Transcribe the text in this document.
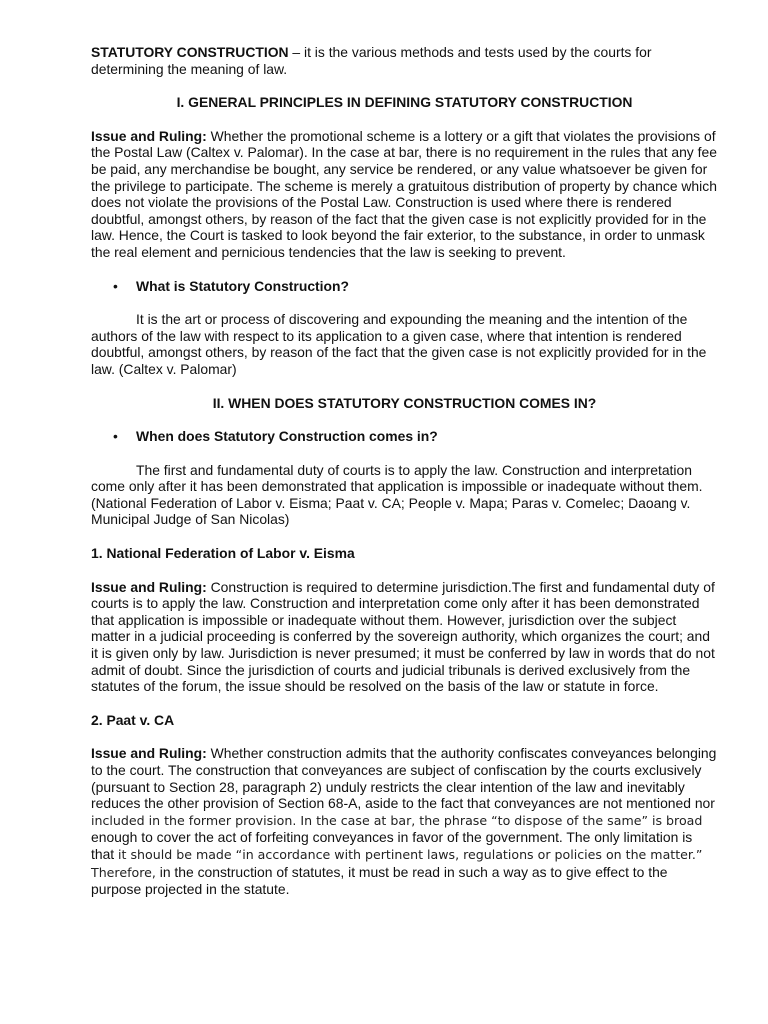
STATUTORY CONSTRUCTION – it is the various methods and tests used by the courts for determining the meaning of law.

I. GENERAL PRINCIPLES IN DEFINING STATUTORY CONSTRUCTION

Issue and Ruling: Whether the promotional scheme is a lottery or a gift that violates the provisions of the Postal Law (Caltex v. Palomar). In the case at bar, there is no requirement in the rules that any fee be paid, any merchandise be bought, any service be rendered, or any value whatsoever be given for the privilege to participate. The scheme is merely a gratuitous distribution of property by chance which does not violate the provisions of the Postal Law. Construction is used where there is rendered doubtful, amongst others, by reason of the fact that the given case is not explicitly provided for in the law. Hence, the Court is tasked to look beyond the fair exterior, to the substance, in order to unmask the real element and pernicious tendencies that the law is seeking to prevent.

• What is Statutory Construction?

It is the art or process of discovering and expounding the meaning and the intention of the authors of the law with respect to its application to a given case, where that intention is rendered doubtful, amongst others, by reason of the fact that the given case is not explicitly provided for in the law. (Caltex v. Palomar)

II. WHEN DOES STATUTORY CONSTRUCTION COMES IN?

• When does Statutory Construction comes in?

The first and fundamental duty of courts is to apply the law. Construction and interpretation come only after it has been demonstrated that application is impossible or inadequate without them. (National Federation of Labor v. Eisma; Paat v. CA; People v. Mapa; Paras v. Comelec; Daoang v. Municipal Judge of San Nicolas)

1. National Federation of Labor v. Eisma

Issue and Ruling: Construction is required to determine jurisdiction.The first and fundamental duty of courts is to apply the law. Construction and interpretation come only after it has been demonstrated that application is impossible or inadequate without them. However, jurisdiction over the subject matter in a judicial proceeding is conferred by the sovereign authority, which organizes the court; and it is given only by law. Jurisdiction is never presumed; it must be conferred by law in words that do not admit of doubt. Since the jurisdiction of courts and judicial tribunals is derived exclusively from the statutes of the forum, the issue should be resolved on the basis of the law or statute in force.

2. Paat v. CA

Issue and Ruling: Whether construction admits that the authority confiscates conveyances belonging to the court. The construction that conveyances are subject of confiscation by the courts exclusively (pursuant to Section 28, paragraph 2) unduly restricts the clear intention of the law and inevitably reduces the other provision of Section 68-A, aside to the fact that conveyances are not mentioned nor included in the former provision. In the case at bar, the phrase “to dispose of the same” is broad enough to cover the act of forfeiting conveyances in favor of the government. The only limitation is that it should be made “in accordance with pertinent laws, regulations or policies on the matter.” Therefore, in the construction of statutes, it must be read in such a way as to give effect to the purpose projected in the statute.
